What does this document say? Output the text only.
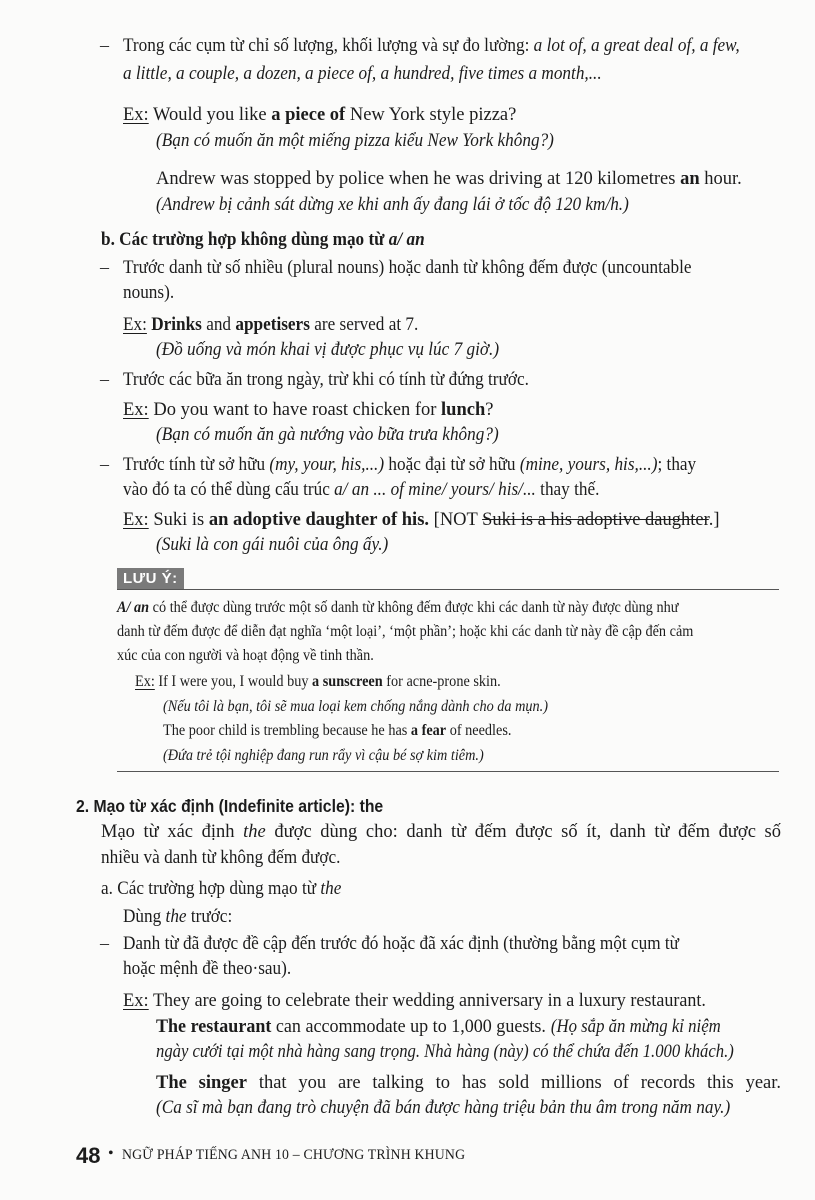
– Trong các cụm từ chỉ số lượng, khối lượng và sự đo lường: a lot of, a great deal of, a few,
a little, a couple, a dozen, a piece of, a hundred, five times a month,...
Ex: Would you like a piece of New York style pizza?
(Bạn có muốn ăn một miếng pizza kiểu New York không?)
Andrew was stopped by police when he was driving at 120 kilometres an hour.
(Andrew bị cảnh sát dừng xe khi anh ấy đang lái ở tốc độ 120 km/h.)
b. Các trường hợp không dùng mạo từ a/ an
– Trước danh từ số nhiều (plural nouns) hoặc danh từ không đếm được (uncountable
nouns).
Ex: Drinks and appetisers are served at 7.
(Đồ uống và món khai vị được phục vụ lúc 7 giờ.)
– Trước các bữa ăn trong ngày, trừ khi có tính từ đứng trước.
Ex: Do you want to have roast chicken for lunch?
(Bạn có muốn ăn gà nướng vào bữa trưa không?)
– Trước tính từ sở hữu (my, your, his,...) hoặc đại từ sở hữu (mine, yours, his,...); thay
vào đó ta có thể dùng cấu trúc a/ an ... of mine/ yours/ his/... thay thế.
Ex: Suki is an adoptive daughter of his. [NOT Suki is a his adoptive daughter.]
(Suki là con gái nuôi của ông ấy.)
LƯU Ý:
A/ an có thể được dùng trước một số danh từ không đếm được khi các danh từ này được dùng như
danh từ đếm được để diễn đạt nghĩa ‘một loại’, ‘một phần’; hoặc khi các danh từ này đề cập đến cảm
xúc của con người và hoạt động về tinh thần.
Ex: If I were you, I would buy a sunscreen for acne-prone skin.
(Nếu tôi là bạn, tôi sẽ mua loại kem chống nắng dành cho da mụn.)
The poor child is trembling because he has a fear of needles.
(Đứa trẻ tội nghiệp đang run rẩy vì cậu bé sợ kim tiêm.)
2. Mạo từ xác định (Indefinite article): the
Mạo từ xác định the được dùng cho: danh từ đếm được số ít, danh từ đếm được số
nhiều và danh từ không đếm được.
a. Các trường hợp dùng mạo từ the
Dùng the trước:
– Danh từ đã được đề cập đến trước đó hoặc đã xác định (thường bằng một cụm từ
hoặc mệnh đề theo·sau).
Ex: They are going to celebrate their wedding anniversary in a luxury restaurant.
The restaurant can accommodate up to 1,000 guests. (Họ sắp ăn mừng kỉ niệm
ngày cưới tại một nhà hàng sang trọng. Nhà hàng (này) có thể chứa đến 1.000 khách.)
The singer that you are talking to has sold millions of records this year.
(Ca sĩ mà bạn đang trò chuyện đã bán được hàng triệu bản thu âm trong năm nay.)
48 • NGỮ PHÁP TIẾNG ANH 10 – CHƯƠNG TRÌNH KHUNG
